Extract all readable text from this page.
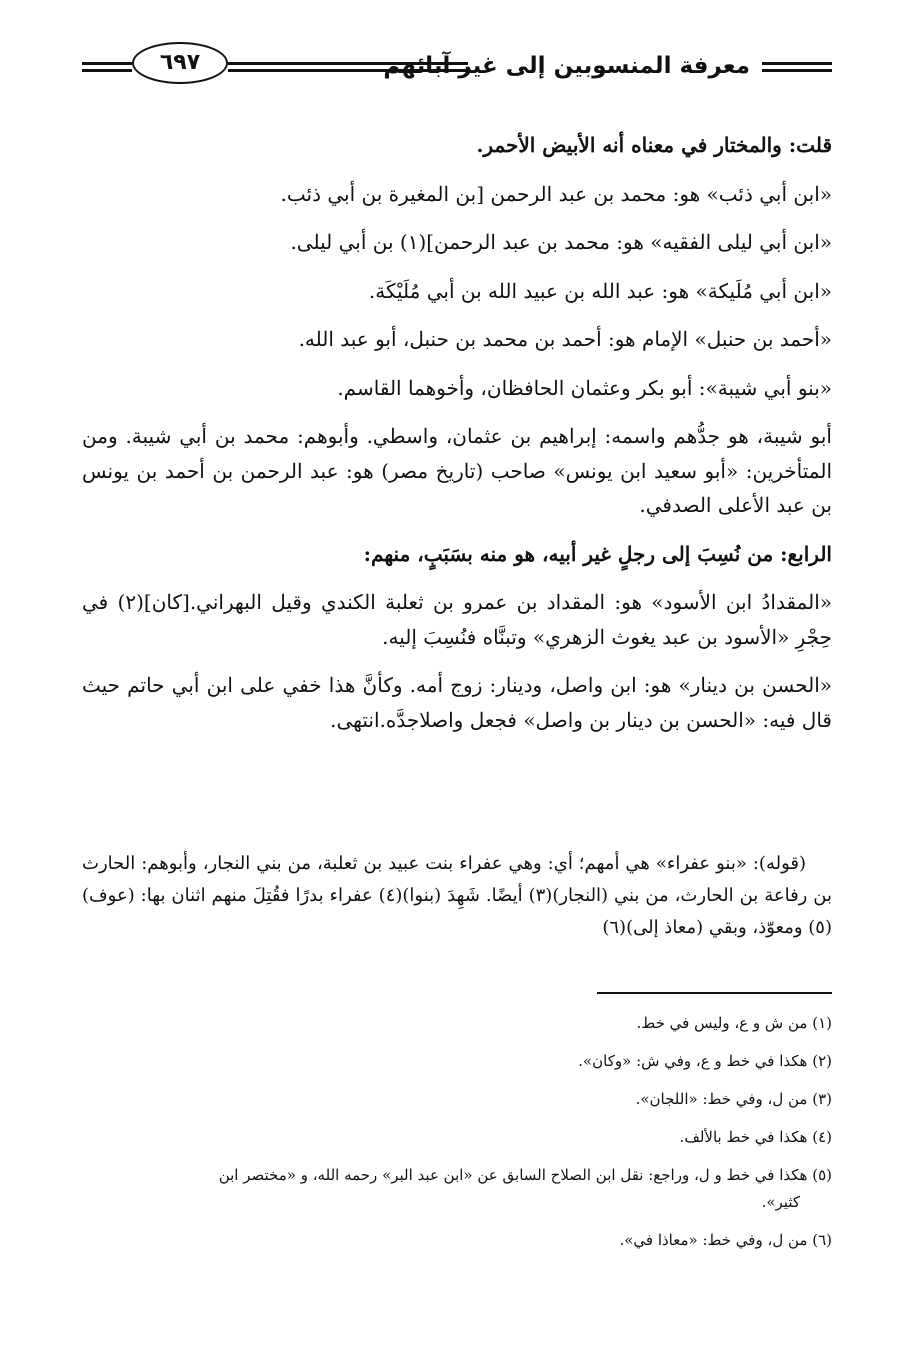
معرفة المنسوبين إلى غير آبائهم
٦٩٧

قلت: والمختار في معناه أنه الأبيض الأحمر.

«ابن أبي ذئب» هو: محمد بن عبد الرحمن [بن المغيرة بن أبي ذئب.

«ابن أبي ليلى الفقيه» هو: محمد بن عبد الرحمن](١) بن أبي ليلى.

«ابن أبي مُلَيكة» هو: عبد الله بن عبيد الله بن أبي مُلَيْكَة.

«أحمد بن حنبل» الإمام هو: أحمد بن محمد بن حنبل، أبو عبد الله.

«بنو أبي شيبة»: أبو بكر وعثمان الحافظان، وأخوهما القاسم.

أبو شيبة، هو جدُّهم واسمه: إبراهيم بن عثمان، واسطي. وأبوهم: محمد بن أبي شيبة. ومن المتأخرين: «أبو سعيد ابن يونس» صاحب (تاريخ مصر) هو: عبد الرحمن بن أحمد بن يونس بن عبد الأعلى الصدفي.

الرابع: من نُسِبَ إلى رجلٍ غير أبيه، هو منه بسَبَبٍ، منهم:

«المقدادُ ابن الأسود» هو: المقداد بن عمرو بن ثعلبة الكندي وقيل البهراني.[كان](٢) في حِجْرِ «الأسود بن عبد يغوث الزهري» وتبنَّاه فنُسِبَ إليه.

«الحسن بن دينار» هو: ابن واصل، ودينار: زوج أمه. وكأنَّ هذا خفي على ابن أبي حاتم حيث قال فيه: «الحسن بن دينار بن واصل» فجعل واصلاجدَّه.انتهى.

(قوله): «بنو عفراء» هي أمهم؛ أي: وهي عفراء بنت عبيد بن ثعلبة، من بني النجار، وأبوهم: الحارث بن رفاعة بن الحارث، من بني (النجار)(٣) أيضًا. شَهِدَ (بنوا)(٤) عفراء بدرًا فقُتِلَ منهم اثنان بها: (عوف)(٥) ومعوّذ، وبقي (معاذ إلى)(٦)

(١) من ش و ع، وليس في خط.

(٢) هكذا في خط و ع، وفي ش: «وكان».

(٣) من ل، وفي خط: «اللجان».

(٤) هكذا في خط بالألف.

(٥) هكذا في خط و ل، وراجع: نقل ابن الصلاح السابق عن «ابن عبد البر» رحمه الله، و «مختصر ابن
كثير».

(٦) من ل، وفي خط: «معاذا في».
